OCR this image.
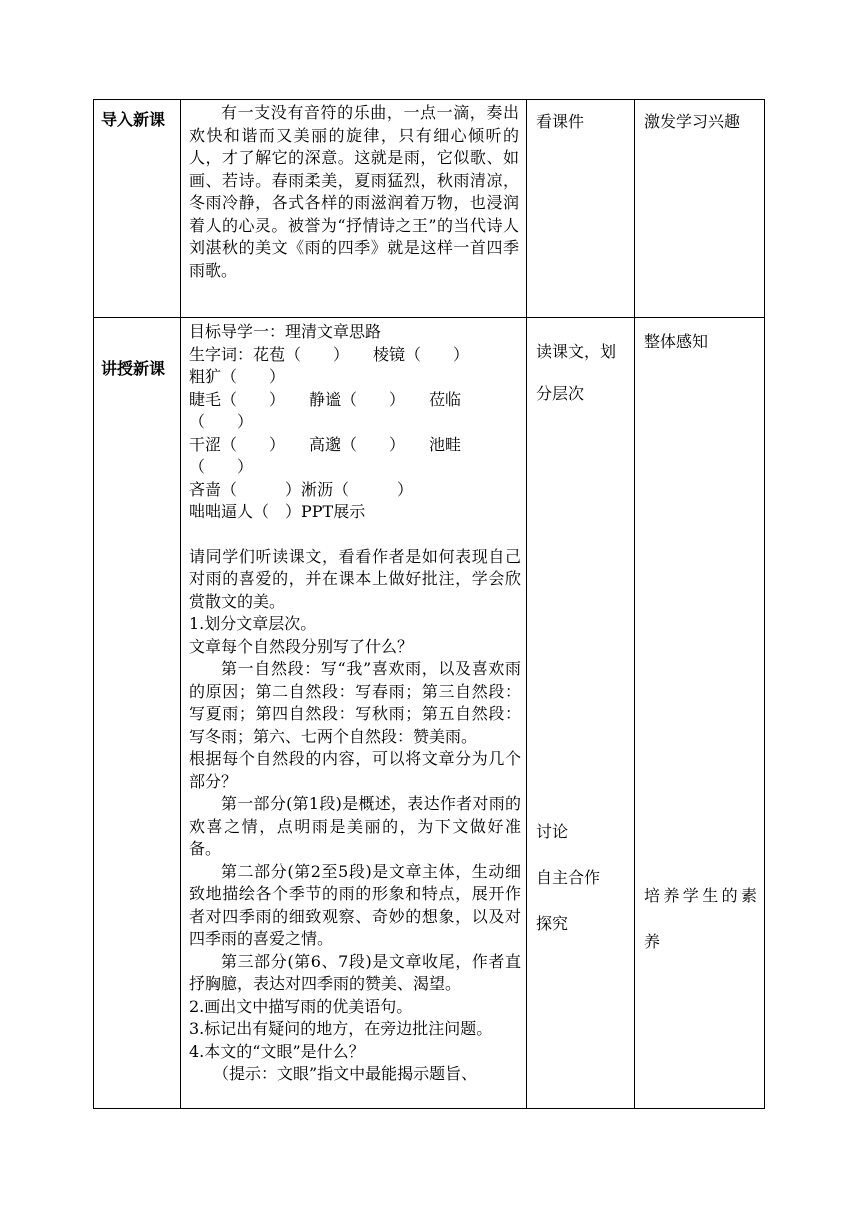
导入新课	有一支没有音符的乐曲，一点一滴，奏出欢快和谐而又美丽的旋律，只有细心倾听的人，才了解它的深意。这就是雨，它似歌、如画、若诗。春雨柔美，夏雨猛烈，秋雨清凉，冬雨冷静，各式各样的雨滋润着万物，也浸润着人的心灵。被誉为“抒情诗之王”的当代诗人刘湛秋的美文《雨的四季》就是这样一首四季雨歌。
看课件	激发学习兴趣
讲授新课

目标导学一：理清文章思路

生字词：花苞（　　）　　棱镜（　　）

粗犷（　　）

睫毛（　　）　　静谧（　　）　　莅临

（　　）

干涩（　　）　　高邈（　　）　　池畦

（　　）

吝啬（　　　）淅沥（　　　）

咄咄逼人（　）PPT展示

请同学们听读课文，看看作者是如何表现自己对雨的喜爱的，并在课本上做好批注，学会欣赏散文的美。

1.划分文章层次。

文章每个自然段分别写了什么？

第一自然段：写“我”喜欢雨，以及喜欢雨的原因；第二自然段：写春雨；第三自然段：写夏雨；第四自然段：写秋雨；第五自然段：写冬雨；第六、七两个自然段：赞美雨。

根据每个自然段的内容，可以将文章分为几个部分？

第一部分(第1段)是概述，表达作者对雨的欢喜之情，点明雨是美丽的，为下文做好准备。

第二部分(第2至5段)是文章主体，生动细致地描绘各个季节的雨的形象和特点，展开作者对四季雨的细致观察、奇妙的想象，以及对四季雨的喜爱之情。

第三部分(第6、7段)是文章收尾，作者直抒胸臆，表达对四季雨的赞美、渴望。

2.画出文中描写雨的优美语句。

3.标记出有疑问的地方，在旁边批注问题。

4.本文的“文眼”是什么？

（提示：文眼”指文中最能揭示题旨、

读课文，划分层次
讨论
自主合作
探究
整体感知
培养学生的素养
